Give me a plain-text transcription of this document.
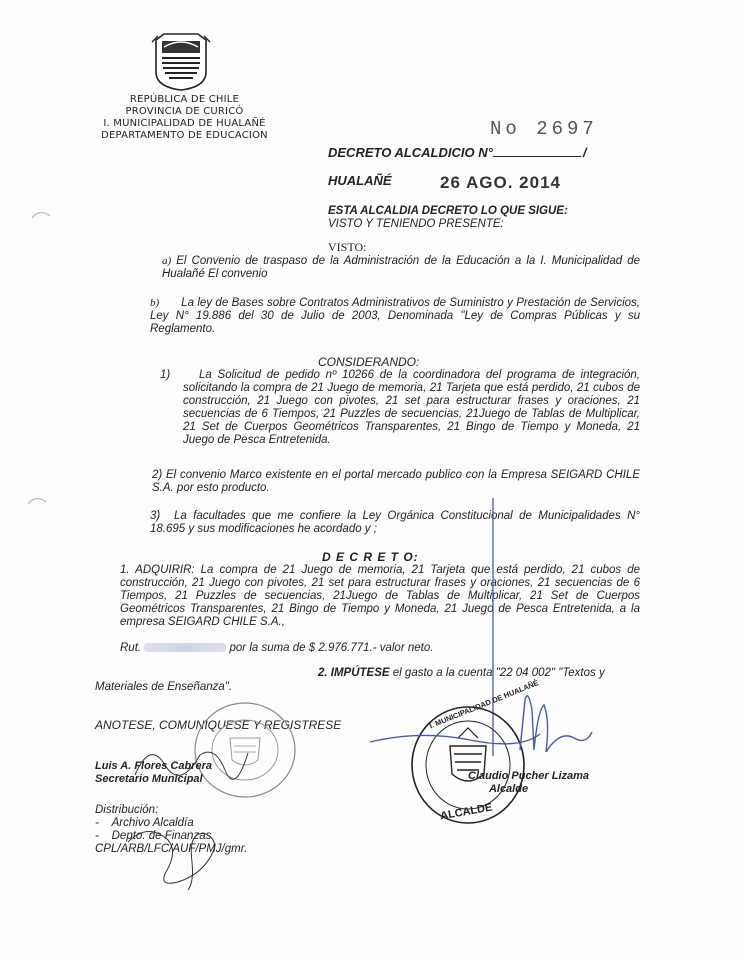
REPÚBLICA DE CHILE
PROVINCIA DE CURICÓ
I. MUNICIPALIDAD DE HUALAÑÉ
DEPARTAMENTO DE EDUCACION	No 2697
DECRETO ALCALDICIO N°	/
HUALAÑÉ	26 AGO. 2014
ESTA ALCALDIA DECRETO LO QUE SIGUE:
VISTO Y TENIENDO PRESENTE:
VISTO:
a) El Convenio de traspaso de la Administración de la Educación a la I. Municipalidad de Hualañé El convenio
b) La ley de Bases sobre Contratos Administrativos de Suministro y Prestación de Servicios, Ley N° 19.886 del 30 de Julio de 2003, Denominada "Ley de Compras Públicas y su Reglamento.
CONSIDERANDO:
1)	La Solicitud de pedido nº 10266 de la coordinadora del programa de integración, solicitando la compra de 21 Juego de memoria, 21 Tarjeta que está perdido, 21 cubos de construcción, 21 Juego con pivotes, 21 set para estructurar frases y oraciones, 21 secuencias de 6 Tiempos, 21 Puzzles de secuencias, 21Juego de Tablas de Multiplicar, 21 Set de Cuerpos Geométricos Transparentes, 21 Bingo de Tiempo y Moneda, 21 Juego de Pesca Entretenida.
2) El convenio Marco existente en el portal mercado publico con la Empresa SEIGARD CHILE S.A. por esto producto.
3)	La facultades que me confiere la Ley Orgánica Constitucional de Municipalidades N° 18.695 y sus modificaciones he acordado y ;
D E C R E T O:
1. ADQUIRIR: La compra de 21 Juego de memoria, 21 Tarjeta que está perdido, 21 cubos de construcción, 21 Juego con pivotes, 21 set para estructurar frases y oraciones, 21 secuencias de 6 Tiempos, 21 Puzzles de secuencias, 21Juego de Tablas de Multiplicar, 21 Set de Cuerpos Geométricos Transparentes, 21 Bingo de Tiempo y Moneda, 21 Juego de Pesca Entretenida, a la empresa SEIGARD CHILE S.A.,
Rut.	por la suma de $ 2.976.771.- valor neto.
2. IMPÚTESE el gasto a la cuenta "22 04 002" "Textos y
Materiales de Enseñanza".
ANOTESE, COMUNIQUESE Y REGISTRESE
Luis A. Flores Cabrera
Secretario Municipal
I. MUNICIPALIDAD DE HUALAÑÉ
ALCALDE
Claudio Pucher Lizama
Alcalde
Distribución:
-    Archivo Alcaldía
-    Depto. de Finanzas
CPL/ARB/LFC/AUF/PMJ/gmr.
